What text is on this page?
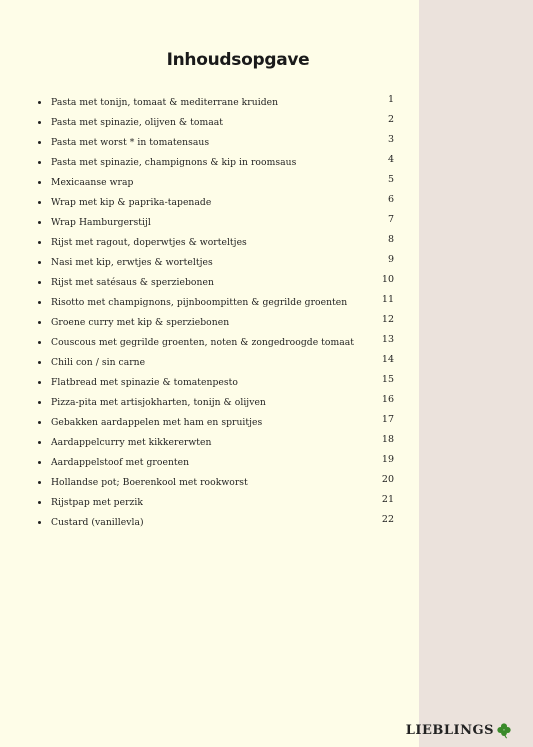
Inhoudsopgave
Pasta met tonijn, tomaat & mediterrane kruiden	1
Pasta met spinazie, olijven & tomaat	2
Pasta met worst * in tomatensaus	3
Pasta met spinazie, champignons & kip in roomsaus	4
Mexicaanse wrap	5
Wrap met kip & paprika-tapenade	6
Wrap Hamburgerstijl	7
Rijst met ragout, doperwtjes & worteltjes	8
Nasi met kip, erwtjes & worteltjes	9
Rijst met satésaus & sperziebonen	10
Risotto met champignons, pijnboompitten & gegrilde groenten	11
Groene curry met kip & sperziebonen	12
Couscous met gegrilde groenten, noten & zongedroogde tomaat	13
Chili con / sin carne	14
Flatbread met spinazie & tomatenpesto	15
Pizza-pita met artisjokharten, tonijn & olijven	16
Gebakken aardappelen met ham en spruitjes	17
Aardappelcurry met kikkererwten	18
Aardappelstoof met groenten	19
Hollandse pot; Boerenkool met rookworst	20
Rijstpap met perzik	21
Custard (vanillevla)	22
LIEBLINGS
